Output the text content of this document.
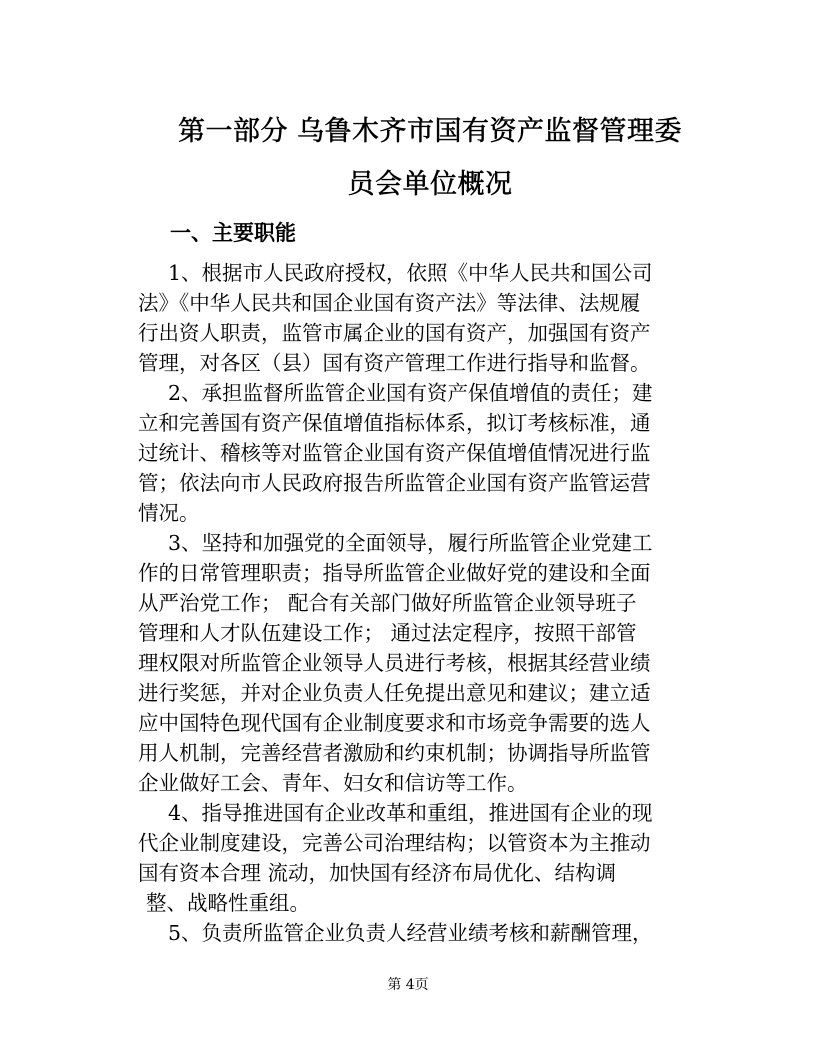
第一部分 乌鲁木齐市国有资产监督管理委
员会单位概况
一、主要职能
1、根据市人民政府授权，依照《中华人民共和国公司
法》《中华人民共和国企业国有资产法》等法律、法规履
行出资人职责，监管市属企业的国有资产，加强国有资产
管理，对各区（县）国有资产管理工作进行指导和监督。
2、承担监督所监管企业国有资产保值增值的责任；建
立和完善国有资产保值增值指标体系，拟订考核标准，通
过统计、稽核等对监管企业国有资产保值增值情况进行监
管；依法向市人民政府报告所监管企业国有资产监管运营
情况。
3、坚持和加强党的全面领导，履行所监管企业党建工
作的日常管理职责；指导所监管企业做好党的建设和全面
从严治党工作； 配合有关部门做好所监管企业领导班子
管理和人才队伍建设工作； 通过法定程序，按照干部管
理权限对所监管企业领导人员进行考核，根据其经营业绩
进行奖惩，并对企业负责人任免提出意见和建议；建立适
应中国特色现代国有企业制度要求和市场竞争需要的选人
用人机制，完善经营者激励和约束机制；协调指导所监管
企业做好工会、青年、妇女和信访等工作。
4、指导推进国有企业改革和重组，推进国有企业的现
代企业制度建设，完善公司治理结构；以管资本为主推动
国有资本合理 流动，加快国有经济布局优化、结构调
整、战略性重组。
5、负责所监管企业负责人经营业绩考核和薪酬管理，
第 4页
